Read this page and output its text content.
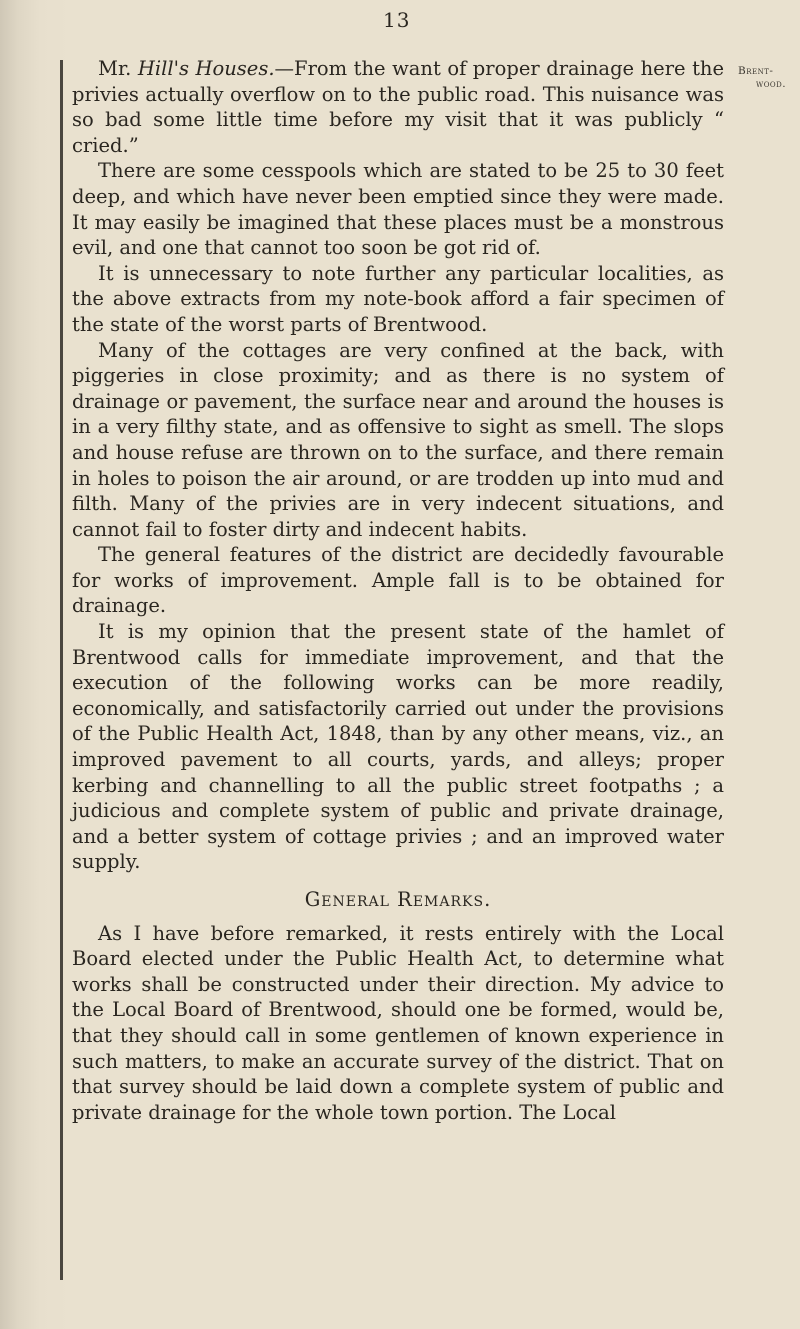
13
Brent-
wood.

Mr. Hill's Houses.—From the want of proper drainage here the privies actually overflow on to the public road. This nuisance was so bad some little time before my visit that it was publicly “ cried.”

There are some cesspools which are stated to be 25 to 30 feet deep, and which have never been emptied since they were made. It may easily be imagined that these places must be a monstrous evil, and one that cannot too soon be got rid of.

It is unnecessary to note further any particular localities, as the above extracts from my note-book afford a fair specimen of the state of the worst parts of Brentwood.

Many of the cottages are very confined at the back, with piggeries in close proximity; and as there is no system of drainage or pavement, the surface near and around the houses is in a very filthy state, and as offensive to sight as smell. The slops and house refuse are thrown on to the surface, and there remain in holes to poison the air around, or are trodden up into mud and filth. Many of the privies are in very indecent situations, and cannot fail to foster dirty and indecent habits.

The general features of the district are decidedly favourable for works of improvement. Ample fall is to be obtained for drainage.

It is my opinion that the present state of the hamlet of Brentwood calls for immediate improvement, and that the execution of the following works can be more readily, economically, and satisfactorily carried out under the provisions of the Public Health Act, 1848, than by any other means, viz., an improved pavement to all courts, yards, and alleys; proper kerbing and channelling to all the public street footpaths ; a judicious and complete system of public and private drainage, and a better system of cottage privies ; and an improved water supply.

General Remarks.

As I have before remarked, it rests entirely with the Local Board elected under the Public Health Act, to determine what works shall be constructed under their direction. My advice to the Local Board of Brentwood, should one be formed, would be, that they should call in some gentlemen of known experience in such matters, to make an accurate survey of the district. That on that survey should be laid down a complete system of public and private drainage for the whole town portion. The Local
